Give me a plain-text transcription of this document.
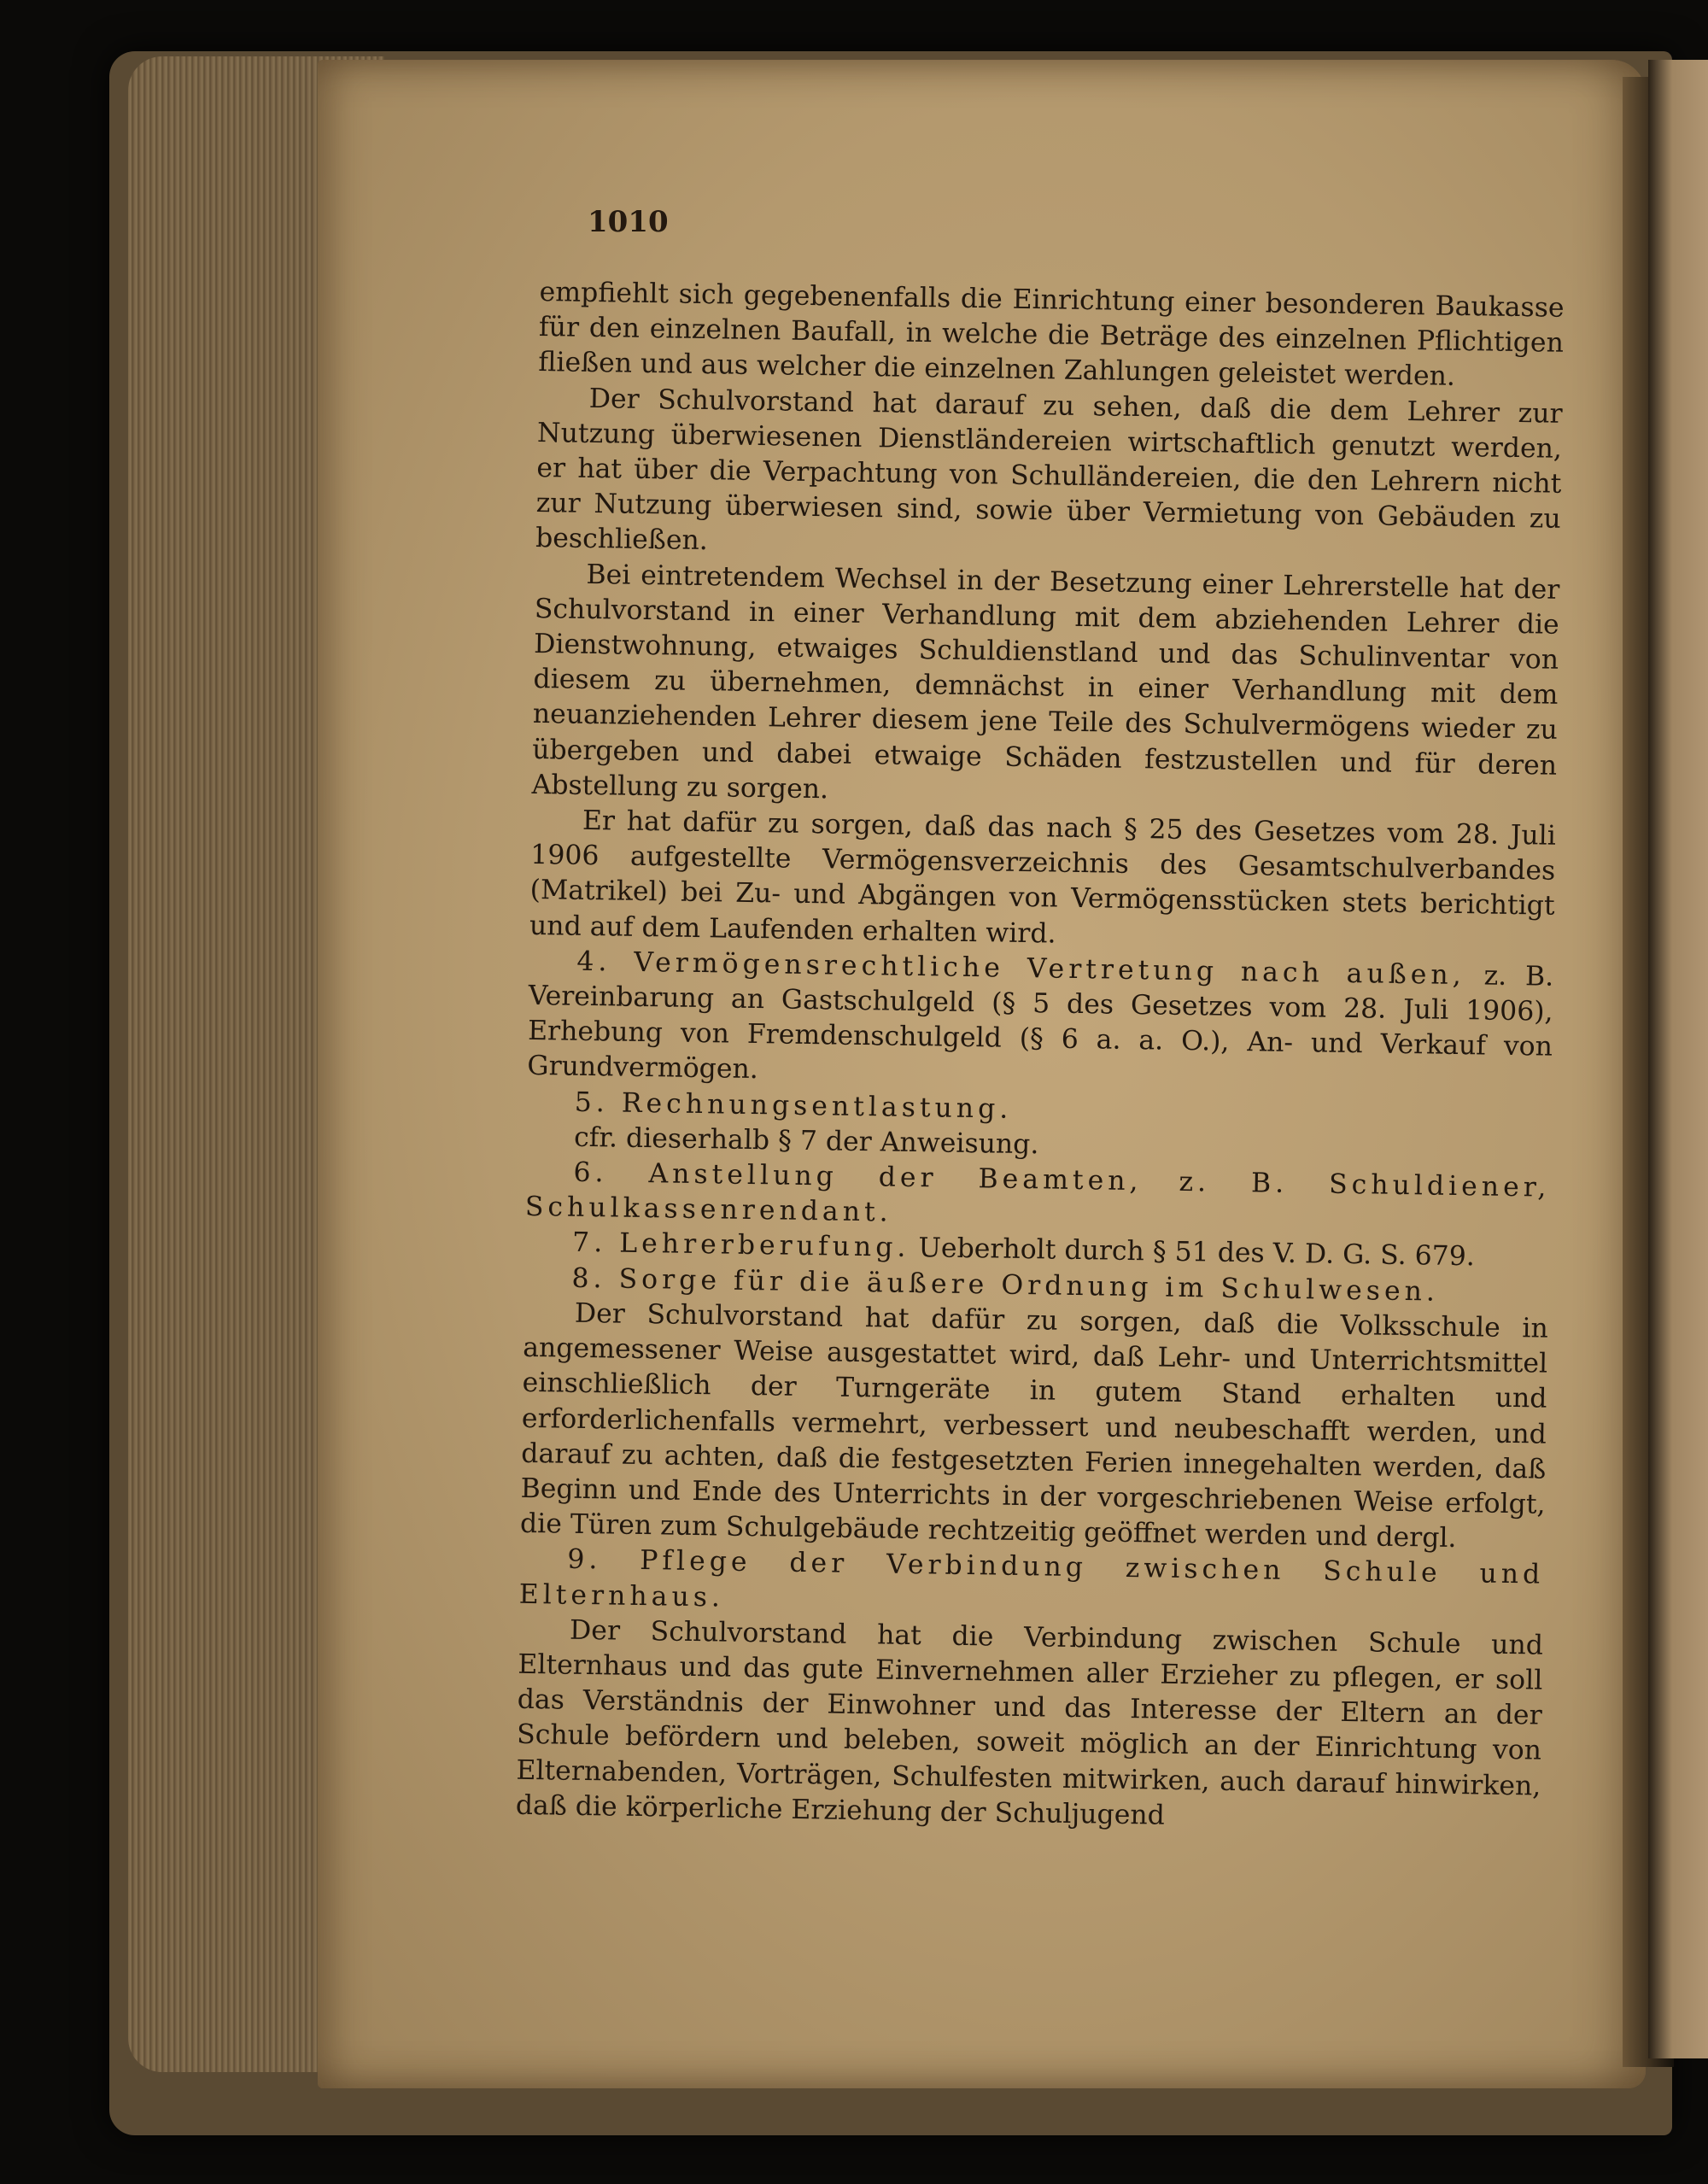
1010

empfiehlt sich gegebenenfalls die Einrichtung einer besonderen Baukasse für den einzelnen Baufall, in welche die Beträge des einzelnen Pflichtigen fließen und aus welcher die einzelnen Zahlungen geleistet werden.

Der Schulvorstand hat darauf zu sehen, daß die dem Lehrer zur Nutzung überwiesenen Dienstländereien wirtschaftlich genutzt werden, er hat über die Verpachtung von Schulländereien, die den Lehrern nicht zur Nutzung überwiesen sind, sowie über Vermietung von Gebäuden zu beschließen.

Bei eintretendem Wechsel in der Besetzung einer Lehrerstelle hat der Schulvorstand in einer Verhandlung mit dem abziehenden Lehrer die Dienstwohnung, etwaiges Schuldienstland und das Schulinventar von diesem zu übernehmen, demnächst in einer Verhandlung mit dem neuanziehenden Lehrer diesem jene Teile des Schulvermögens wieder zu übergeben und dabei etwaige Schäden festzustellen und für deren Abstellung zu sorgen.

Er hat dafür zu sorgen, daß das nach § 25 des Gesetzes vom 28. Juli 1906 aufgestellte Vermögensverzeichnis des Gesamtschulverbandes (Matrikel) bei Zu- und Abgängen von Vermögensstücken stets berichtigt und auf dem Laufenden erhalten wird.

4. Vermögensrechtliche Vertretung nach außen, z. B. Vereinbarung an Gastschulgeld (§ 5 des Gesetzes vom 28. Juli 1906), Erhebung von Fremdenschulgeld (§ 6 a. a. O.), An- und Verkauf von Grundvermögen.

5. Rechnungsentlastung.

cfr. dieserhalb § 7 der Anweisung.

6. Anstellung der Beamten, z. B. Schuldiener, Schulkassenrendant.

7. Lehrerberufung. Ueberholt durch § 51 des V. D. G. S. 679.

8. Sorge für die äußere Ordnung im Schulwesen.

Der Schulvorstand hat dafür zu sorgen, daß die Volksschule in angemessener Weise ausgestattet wird, daß Lehr- und Unterrichtsmittel einschließlich der Turngeräte in gutem Stand erhalten und erforderlichenfalls vermehrt, verbessert und neubeschafft werden, und darauf zu achten, daß die festgesetzten Ferien innegehalten werden, daß Beginn und Ende des Unterrichts in der vorgeschriebenen Weise erfolgt, die Türen zum Schulgebäude rechtzeitig geöffnet werden und dergl.

9. Pflege der Verbindung zwischen Schule und Elternhaus.

Der Schulvorstand hat die Verbindung zwischen Schule und Elternhaus und das gute Einvernehmen aller Erzieher zu pflegen, er soll das Verständnis der Einwohner und das Interesse der Eltern an der Schule befördern und beleben, soweit möglich an der Einrichtung von Elternabenden, Vorträgen, Schulfesten mitwirken, auch darauf hinwirken, daß die körperliche Erziehung der Schuljugend
